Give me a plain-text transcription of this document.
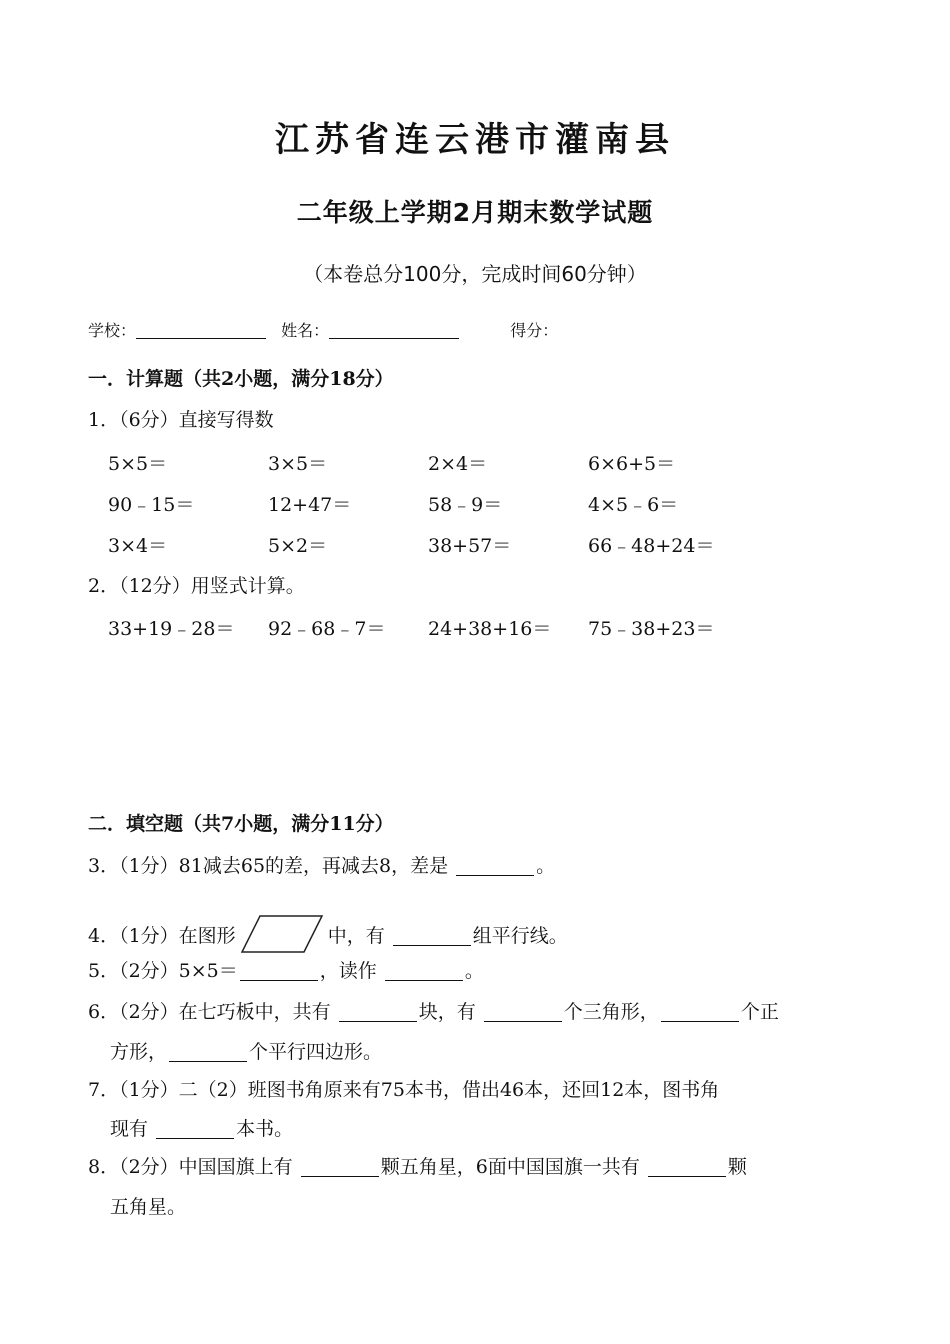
江苏省连云港市灌南县
二年级上学期2月期末数学试题
（本卷总分100分，完成时间60分钟）
学校：	姓名：	得分：
一．计算题（共2小题，满分18分）
1．（6分）直接写得数
5×5＝	3×5＝	2×4＝	6×6+5＝
90﹣15＝	12+47＝	58﹣9＝	4×5﹣6＝
3×4＝	5×2＝	38+57＝	66﹣48+24＝
2．（12分）用竖式计算。
33+19﹣28＝ 92﹣68﹣7＝ 24+38+16＝ 75﹣38+23＝
二．填空题（共7小题，满分11分）
3．（1分）81减去65的差，再减去8，差是	。
4．（1分）在图形	中，有	组平行线。
5．（2分）5×5＝	，读作	。
6．（2分）在七巧板中，共有	块，有	个三角形，	个正
方形，	个平行四边形。
7．（1分）二（2）班图书角原来有75本书，借出46本，还回12本，图书角
现有	本书。
8．（2分）中国国旗上有	颗五角星，6面中国国旗一共有	颗
五角星。
